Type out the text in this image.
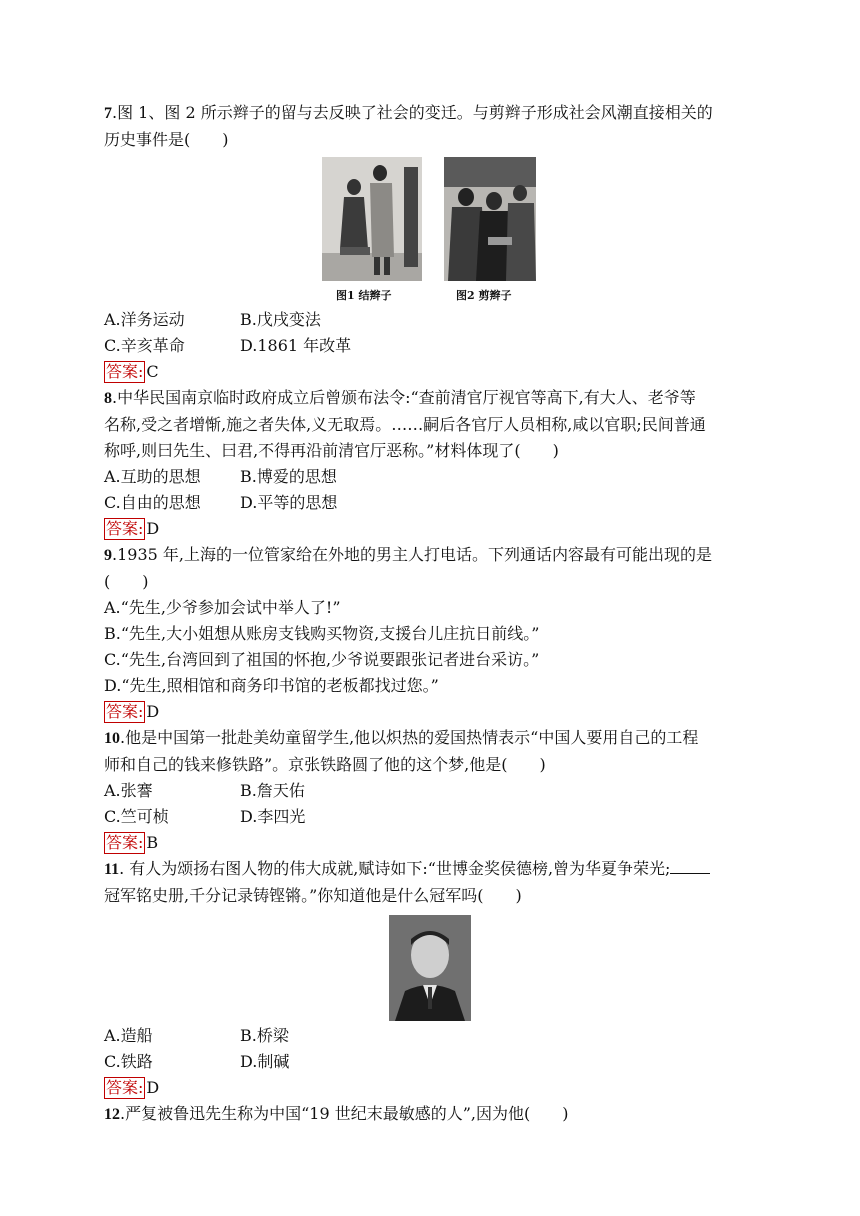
7.图 1、图 2 所示辫子的留与去反映了社会的变迁。与剪辫子形成社会风潮直接相关的
历史事件是(　　)
图1 结辫子	图2 剪辫子
A.洋务运动	B.戊戌变法
C.辛亥革命	D.1861 年改革
答案: C
8.中华民国南京临时政府成立后曾颁布法令:“查前清官厅视官等高下,有大人、老爷等
名称,受之者增惭,施之者失体,义无取焉。……嗣后各官厅人员相称,咸以官职;民间普通
称呼,则曰先生、曰君,不得再沿前清官厅恶称。”材料体现了(　　)
A.互助的思想	B.博爱的思想
C.自由的思想	D.平等的思想
答案: D
9.1935 年,上海的一位管家给在外地的男主人打电话。下列通话内容最有可能出现的是
(　　)
A.“先生,少爷参加会试中举人了!”
B.“先生,大小姐想从账房支钱购买物资,支援台儿庄抗日前线。”
C.“先生,台湾回到了祖国的怀抱,少爷说要跟张记者进台采访。”
D.“先生,照相馆和商务印书馆的老板都找过您。”
答案: D
10.他是中国第一批赴美幼童留学生,他以炽热的爱国热情表示“中国人要用自己的工程
师和自己的钱来修铁路”。京张铁路圆了他的这个梦,他是(　　)
A.张謇	B.詹天佑
C.竺可桢	D.李四光
答案: B
11. 有人为颂扬右图人物的伟大成就,赋诗如下:“世博金奖侯德榜,曾为华夏争荣光;
冠军铭史册,千分记录铸铿锵。”你知道他是什么冠军吗(　　)
A.造船	B.桥梁
C.铁路	D.制碱
答案: D
12.严复被鲁迅先生称为中国“19 世纪末最敏感的人”,因为他(　　)
